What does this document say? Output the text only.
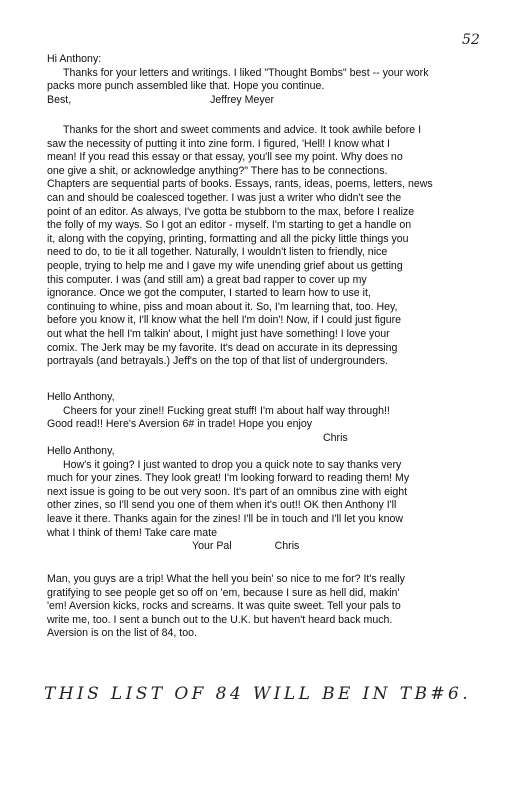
52
Hi Anthony:
Thanks for your letters and writings. I liked "Thought Bombs" best -- your work
packs more punch assembled like that. Hope you continue.
Best,	Jeffrey Meyer
Thanks for the short and sweet comments and advice. It took awhile before I
saw the necessity of putting it into zine form. I figured, 'Hell! I know what I
mean! If you read this essay or that essay, you'll see my point. Why does no
one give a shit, or acknowledge anything?" There has to be connections.
Chapters are sequential parts of books. Essays, rants, ideas, poems, letters, news
can and should be coalesced together. I was just a writer who didn't see the
point of an editor. As always, I've gotta be stubborn to the max, before I realize
the folly of my ways. So I got an editor - myself. I'm starting to get a handle on
it, along with the copying, printing, formatting and all the picky little things you
need to do, to tie it all together. Naturally, I wouldn't listen to friendly, nice
people, trying to help me and I gave my wife unending grief about us getting
this computer. I was (and still am) a great bad rapper to cover up my
ignorance. Once we got the computer, I started to learn how to use it,
continuing to whine, piss and moan about it. So, I'm learning that, too. Hey,
before you know it, I'll know what the hell I'm doin'! Now, if I could just figure
out what the hell I'm talkin' about, I might just have something! I love your
comix. The Jerk may be my favorite. It's dead on accurate in its depressing
portrayals (and betrayals.) Jeff's on the top of that list of undergrounders.
Hello Anthony,
Cheers for your zine!! Fucking great stuff! I'm about half way through!!
Good read!! Here's Aversion 6# in trade! Hope you enjoy
Chris
Hello Anthony,
How's it going? I just wanted to drop you a quick note to say thanks very
much for your zines. They look great! I'm looking forward to reading them! My
next issue is going to be out very soon. It's part of an omnibus zine with eight
other zines, so I'll send you one of them when it's out!! OK then Anthony I'll
leave it there. Thanks again for the zines! I'll be in touch and I'll let you know
what I think of them! Take care mate
Your Pal	Chris
Man, you guys are a trip! What the hell you bein' so nice to me for? It's really
gratifying to see people get so off on 'em, because I sure as hell did, makin'
'em! Aversion kicks, rocks and screams. It was quite sweet. Tell your pals to
write me, too. I sent a bunch out to the U.K. but haven't heard back much.
Aversion is on the list of 84, too.
THIS LIST OF 84 WILL BE IN TB#6.
